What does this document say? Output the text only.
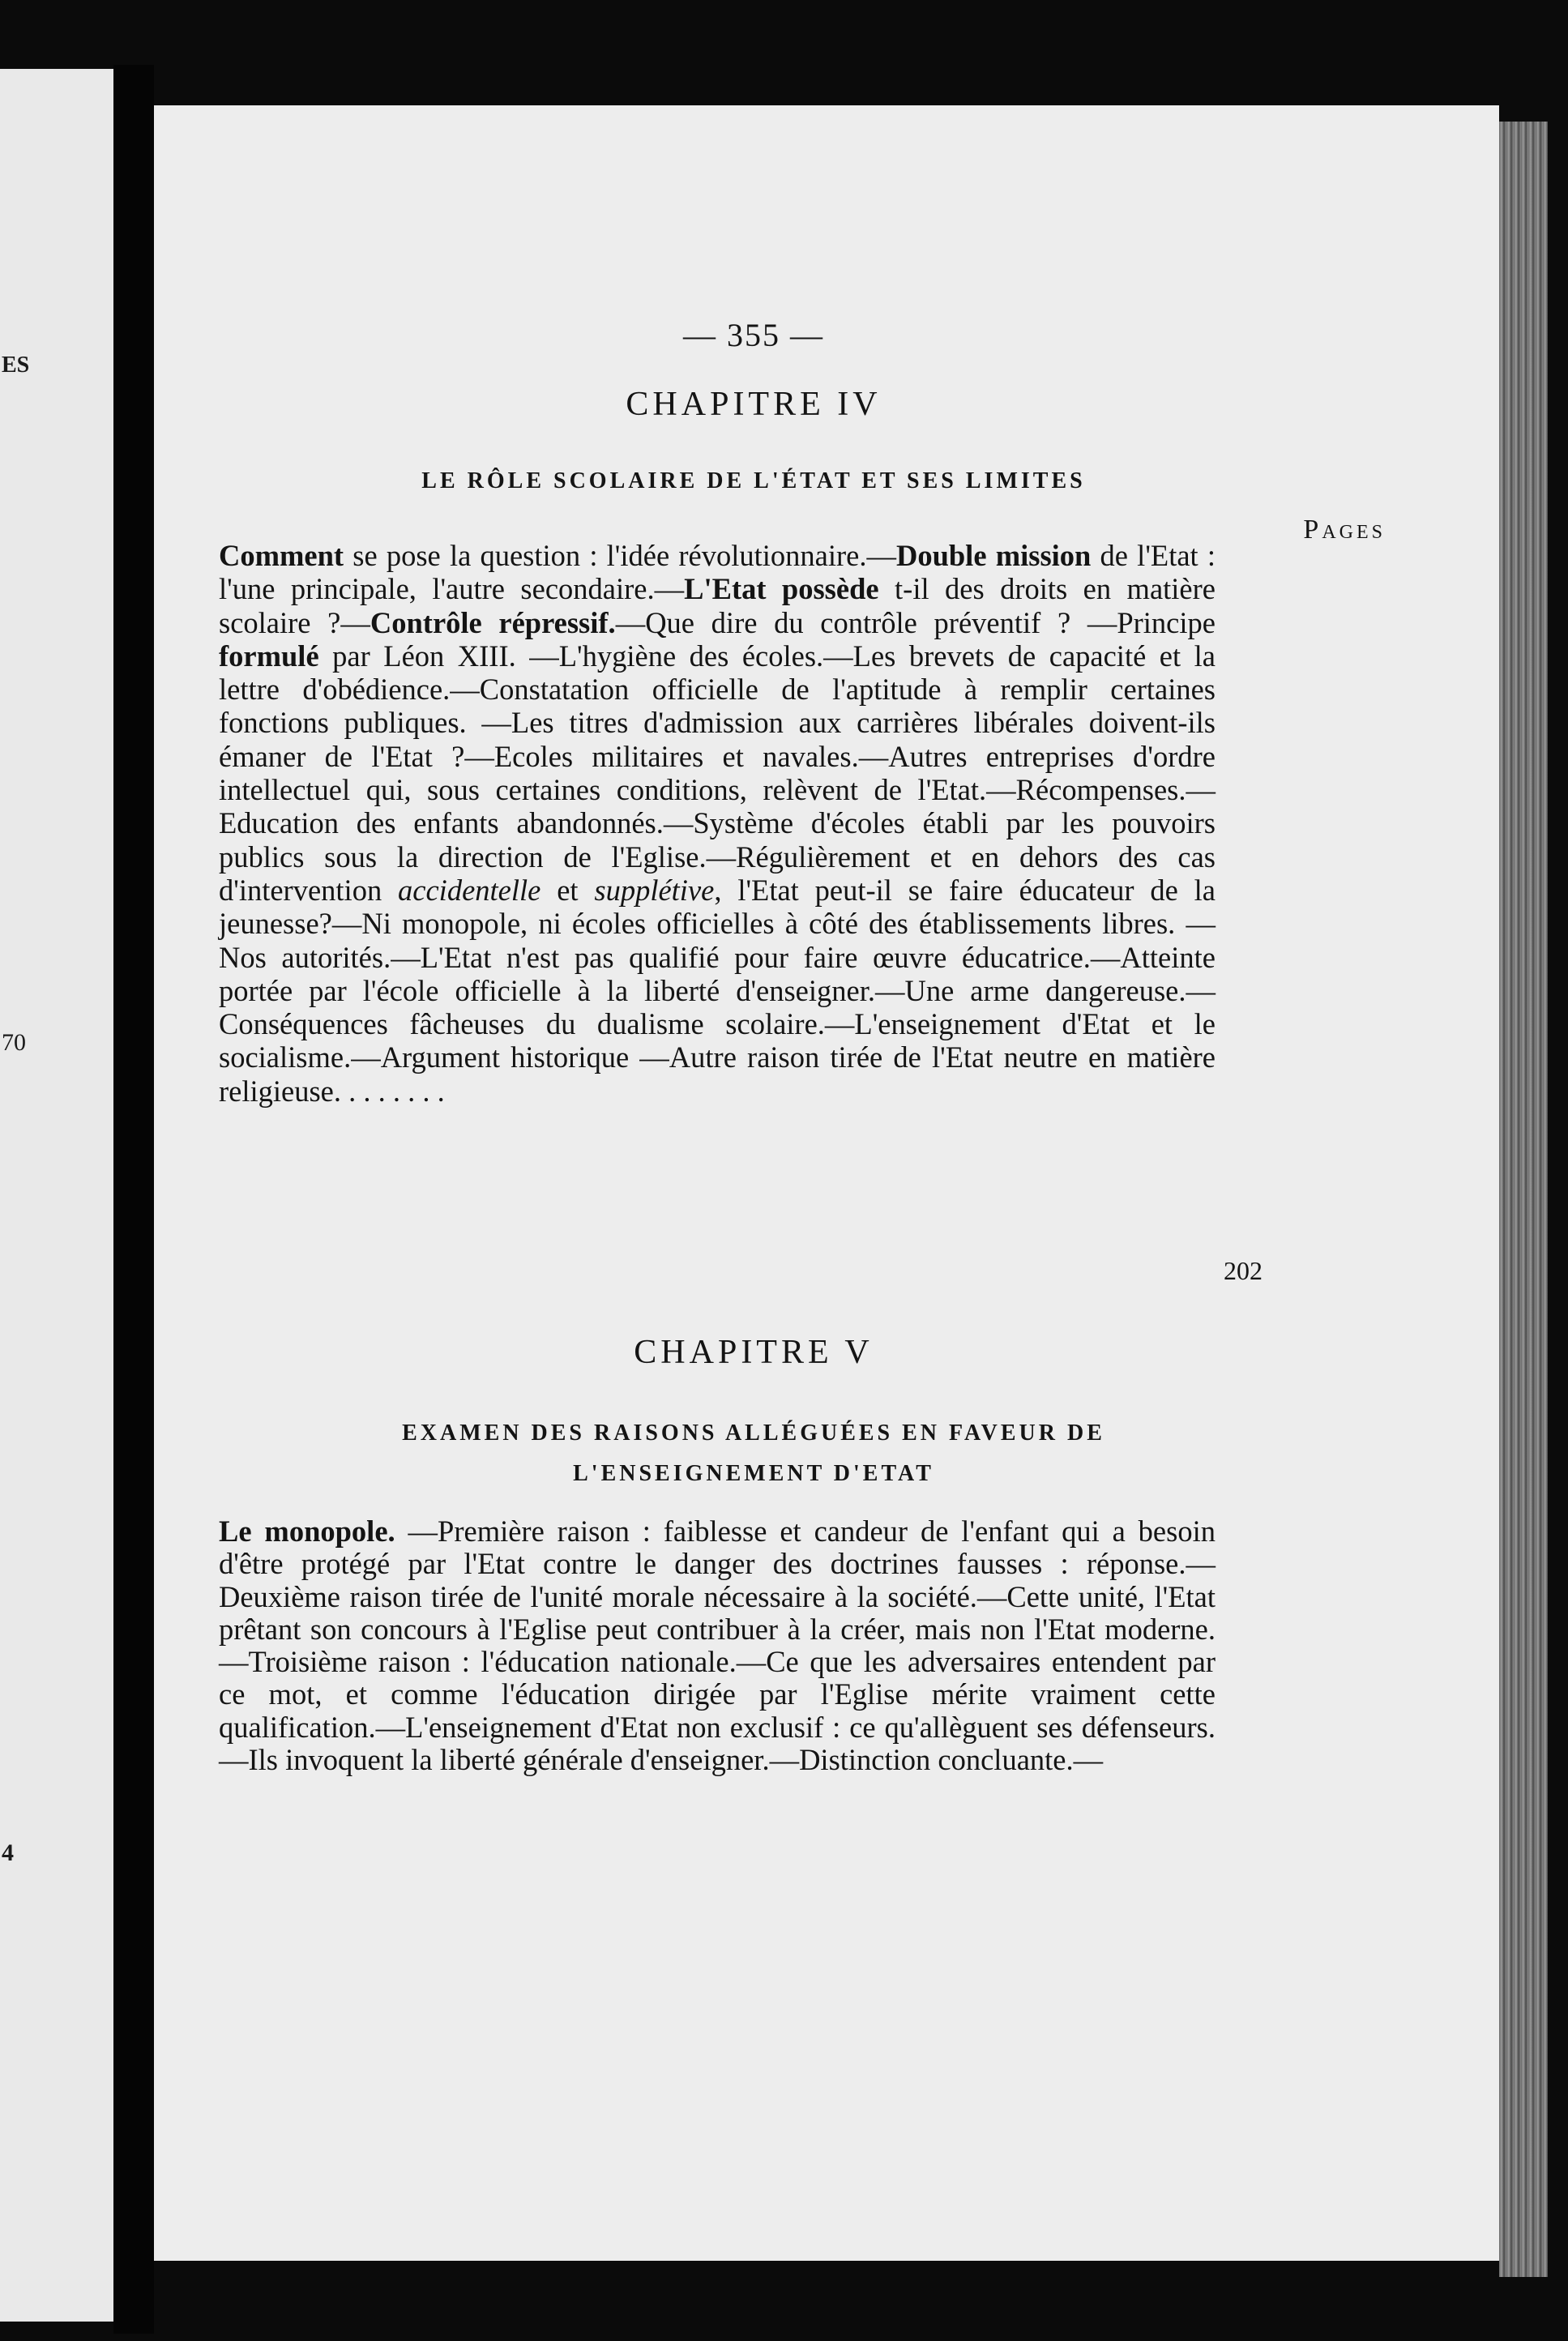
ES
70
4
— 355 —
CHAPITRE IV
LE RÔLE SCOLAIRE DE L'ÉTAT ET SES LIMITES
Pages

Comment se pose la question : l'idée révolutionnaire.—Double mission de l'Etat : l'une principale, l'autre secondaire.—L'Etat possède t-il des droits en matière scolaire ?—Contrôle répressif.—Que dire du contrôle préventif ? —Principe formulé par Léon XIII. —L'hygiène des écoles.—Les brevets de capacité et la lettre d'obédience.—Constatation officielle de l'aptitude à remplir certaines fonctions publiques. —Les titres d'admission aux carrières libérales doivent-ils émaner de l'Etat ?—Ecoles militaires et navales.—Autres entreprises d'ordre intellectuel qui, sous certaines conditions, relèvent de l'Etat.—Récompenses.—Education des enfants abandonnés.—Système d'écoles établi par les pouvoirs publics sous la direction de l'Eglise.—Régulièrement et en dehors des cas d'intervention accidentelle et supplétive, l'Etat peut-il se faire éducateur de la jeunesse?—Ni monopole, ni écoles officielles à côté des établissements libres. —Nos autorités.—L'Etat n'est pas qualifié pour faire œuvre éducatrice.—Atteinte portée par l'école officielle à la liberté d'enseigner.—Une arme dangereuse.—Conséquences fâcheuses du dualisme scolaire.—L'enseignement d'Etat et le socialisme.—Argument historique —Autre raison tirée de l'Etat neutre en matière religieuse. . . . . . . .

202
CHAPITRE V
EXAMEN DES RAISONS ALLÉGUÉES EN FAVEUR DE
L'ENSEIGNEMENT D'ETAT

Le monopole. —Première raison : faiblesse et candeur de l'enfant qui a besoin d'être protégé par l'Etat contre le danger des doctrines fausses : réponse.—Deuxième raison tirée de l'unité morale nécessaire à la société.—Cette unité, l'Etat prêtant son concours à l'Eglise peut contribuer à la créer, mais non l'Etat moderne.—Troisième raison : l'éducation nationale.—Ce que les adversaires entendent par ce mot, et comme l'éducation dirigée par l'Eglise mérite vraiment cette qualification.—L'enseignement d'Etat non exclusif : ce qu'allèguent ses défenseurs.—Ils invoquent la liberté générale d'enseigner.—Distinction concluante.—
